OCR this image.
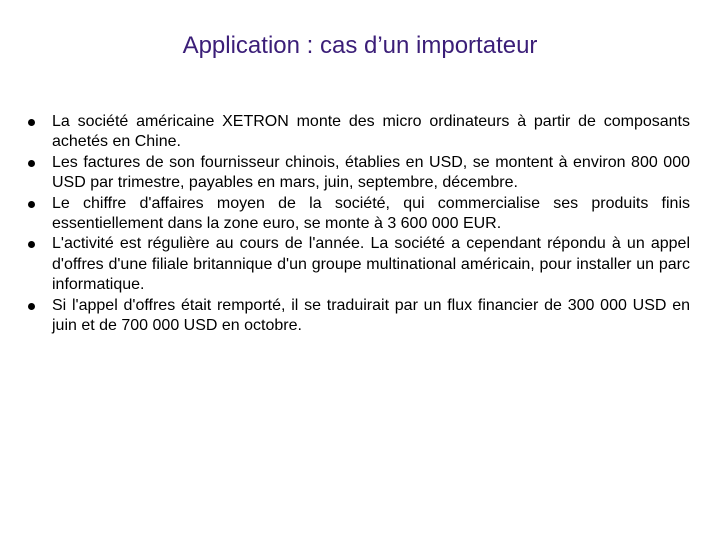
Application : cas d’un importateur
La société américaine XETRON monte des micro ordinateurs à partir de composants achetés en Chine.
Les factures de son fournisseur chinois, établies en USD, se montent à environ 800 000 USD par trimestre, payables en mars, juin, septembre, décembre.
Le chiffre d'affaires moyen de la société, qui commercialise ses produits finis essentiellement dans la zone euro, se monte à 3 600 000 EUR.
L'activité est régulière au cours de l'année. La société a cependant répondu à un appel d'offres d'une filiale britannique d'un groupe multinational américain, pour installer un parc informatique.
Si l'appel d'offres était remporté, il se traduirait par un flux financier de 300 000 USD en juin et de 700 000 USD en octobre.
